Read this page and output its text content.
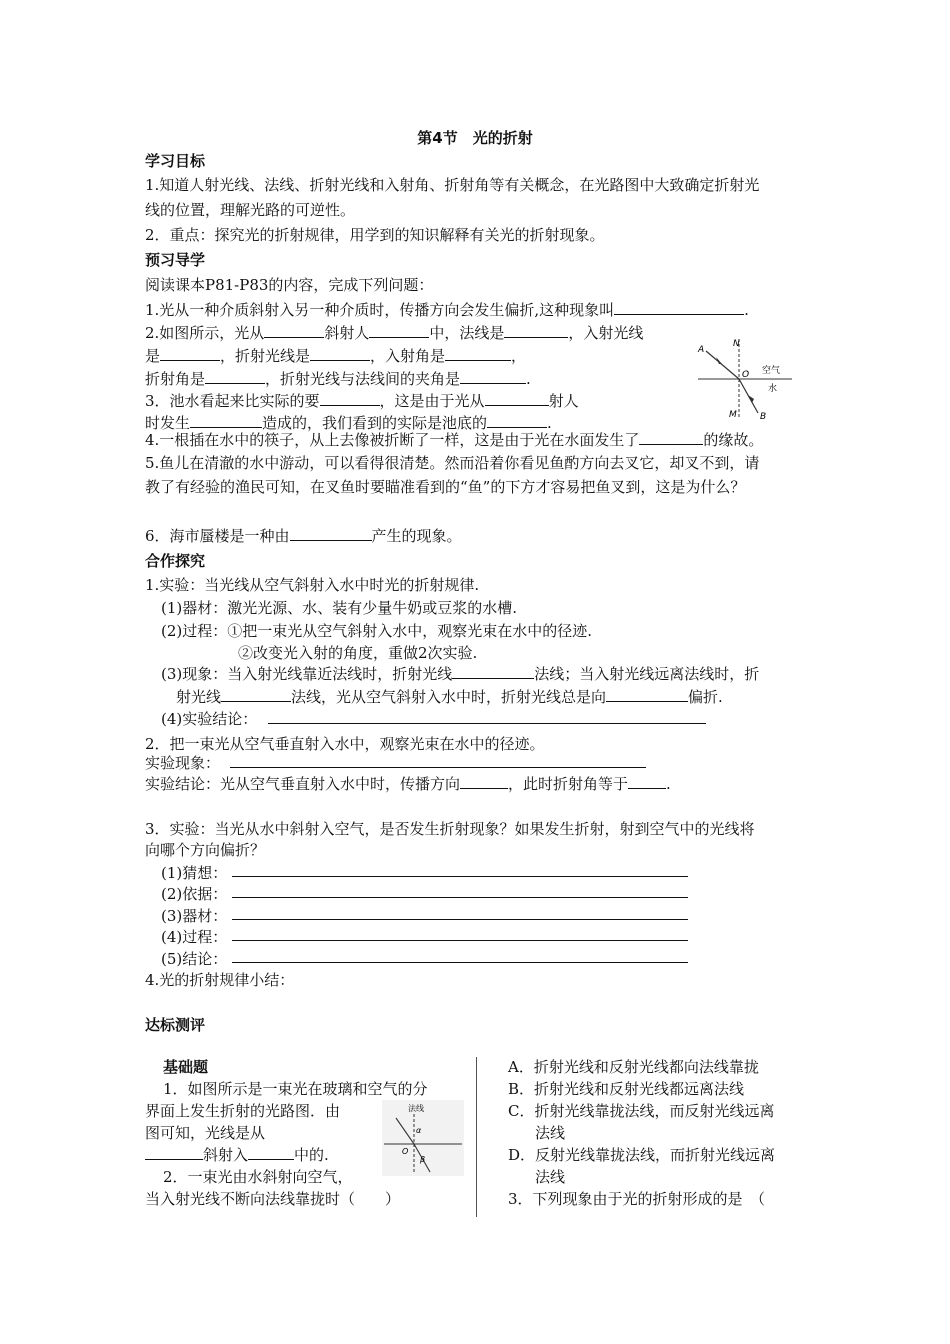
第4节　光的折射
学习目标
1.知道人射光线、法线、折射光线和入射角、折射角等有关概念，在光路图中大致确定折射光
线的位置，理解光路的可逆性。
2．重点：探究光的折射规律，用学到的知识解释有关光的折射现象。
预习导学
阅读课本P81-P83的内容，完成下列问题：
1.光从一种介质斜射入另一种介质时，传播方向会发生偏折,这种现象叫	.
2.如图所示，光从	斜射人	中，法线是	，入射光线
是	，折射光线是	，入射角是	，
折射角是	，折射光线与法线间的夹角是	.
3．池水看起来比实际的要	，这是由于光从	射人
时发生	造成的，我们看到的实际是池底的	.
N
A
O
M	B
空气
水
4.一根插在水中的筷子，从上去像被折断了一样，这是由于光在水面发生了	的缘故。
5.鱼儿在清澈的水中游动，可以看得很清楚。然而沿着你看见鱼酌方向去叉它，却叉不到，请
教了有经验的渔民可知，在叉鱼时要瞄准看到的“鱼”的下方才容易把鱼叉到，这是为什么？
6．海市蜃楼是一种由	产生的现象。
合作探究
1.实验：当光线从空气斜射入水中时光的折射规律.
(1)器材：激光光源、水、装有少量牛奶或豆浆的水槽.
(2)过程：①把一束光从空气斜射入水中，观察光束在水中的径迹.
②改变光入射的角度，重做2次实验.
(3)现象：当入射光线靠近法线时，折射光线	法线；当入射光线远离法线时，折
射光线	法线，光从空气斜射入水中时，折射光线总是向	偏折.
(4)实验结论：
2．把一束光从空气垂直射入水中，观察光束在水中的径迹。
实验现象：
实验结论：光从空气垂直射入水中时，传播方向	，此时折射角等于	.
3．实验：当光从水中斜射入空气，是否发生折射现象？如果发生折射，射到空气中的光线将
向哪个方向偏折？
(1)猜想：
(2)依据：
(3)器材：
(4)过程：
(5)结论：
4.光的折射规律小结：
达标测评
基础题
1．如图所示是一束光在玻璃和空气的分
界面上发生折射的光路图．由
图可知，光线是从
斜射入	中的.
2．一束光由水斜射向空气，
当入射光线不断向法线靠拢时（　　）
法线
α
O
β
A．折射光线和反射光线都向法线靠拢
B．折射光线和反射光线都远离法线
C．折射光线靠拢法线，而反射光线远离
法线
D．反射光线靠拢法线，而折射光线远离
法线
3．下列现象由于光的折射形成的是　（
